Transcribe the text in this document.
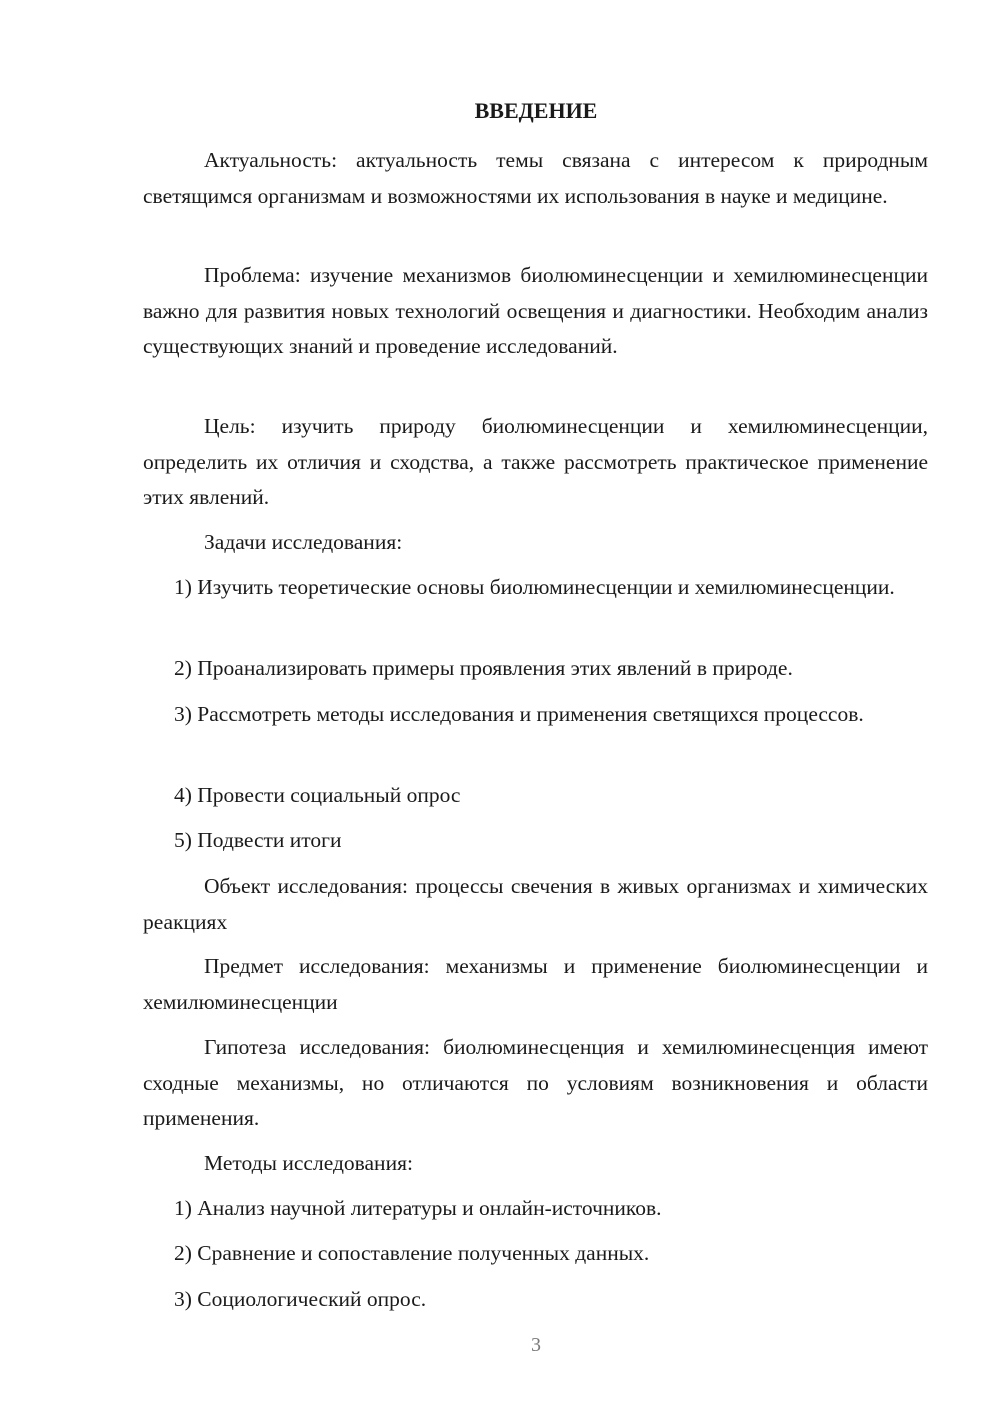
ВВЕДЕНИЕ

Актуальность: актуальность темы связана с интересом к природным светящимся организмам и возможностями их использования в науке и медицине.

Проблема: изучение механизмов биолюминесценции и хемилюминесценции важно для развития новых технологий освещения и диагностики. Необходим анализ существующих знаний и проведение исследований.

Цель: изучить природу биолюминесценции и хемилюминесценции, определить их отличия и сходства, а также рассмотреть практическое применение этих явлений.

Задачи исследования:

1) Изучить теоретические основы биолюминесценции и хемилюминесценции.

2) Проанализировать примеры проявления этих явлений в природе.

3) Рассмотреть методы исследования и применения светящихся процессов.

4) Провести социальный опрос

5) Подвести итоги

Объект исследования: процессы свечения в живых организмах и химических реакциях

Предмет исследования: механизмы и применение биолюминесценции и хемилюминесценции

Гипотеза исследования: биолюминесценция и хемилюминесценция имеют сходные механизмы, но отличаются по условиям возникновения и области применения.

Методы исследования:

1) Анализ научной литературы и онлайн-источников.

2) Сравнение и сопоставление полученных данных.

3) Социологический опрос.

3
